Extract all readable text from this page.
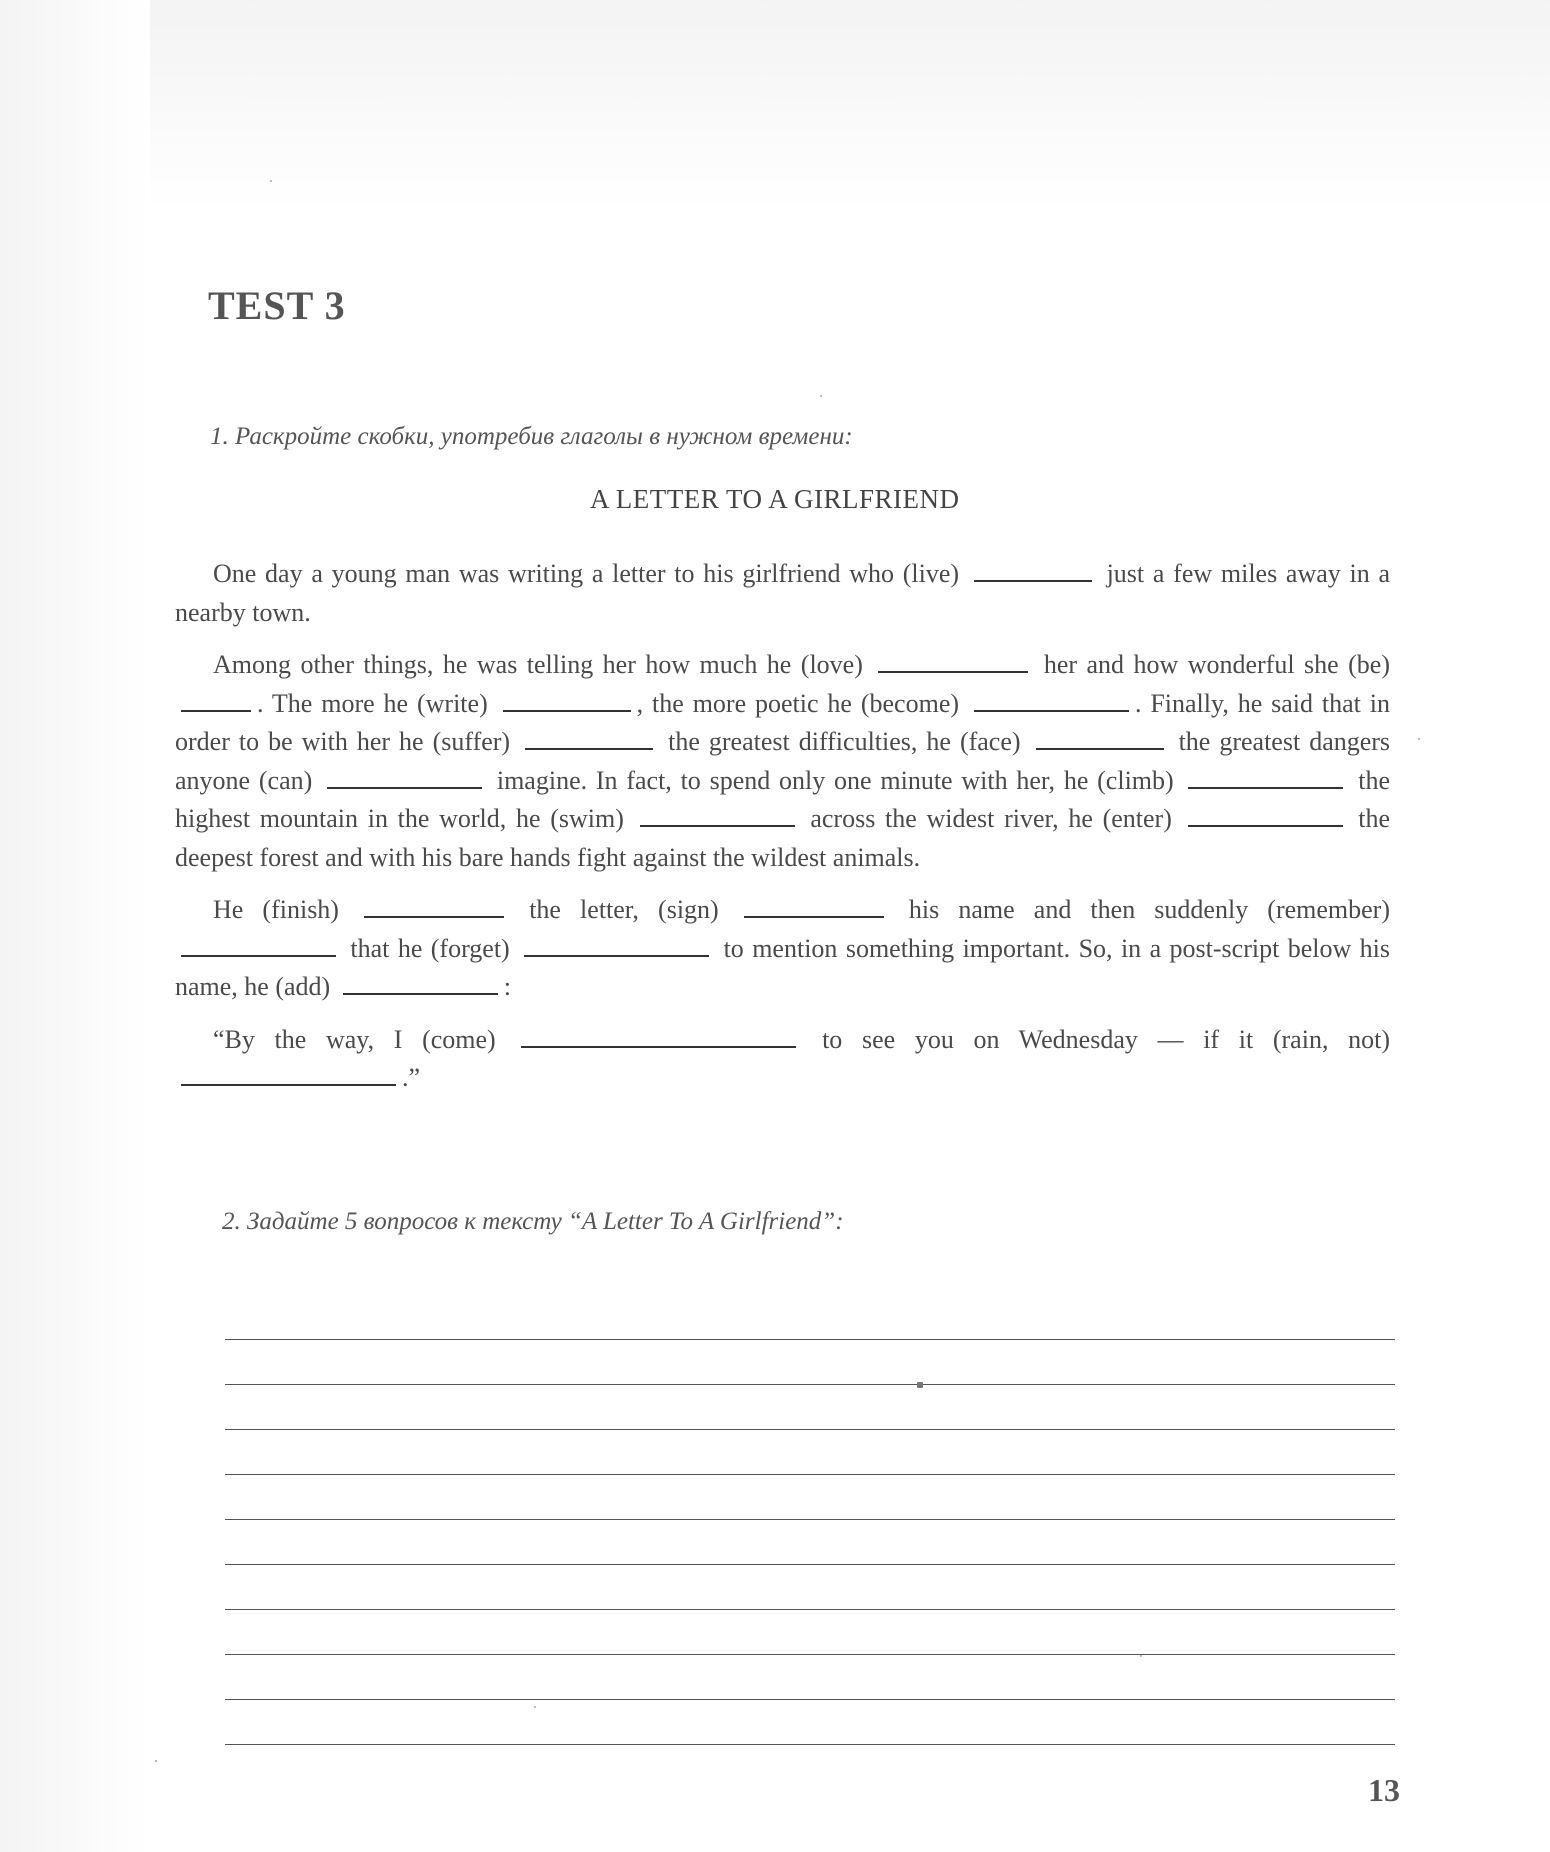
TEST 3
1. Раскройте скобки, употребив глаголы в нужном времени:
A LETTER TO A GIRLFRIEND

One day a young man was writing a letter to his girlfriend who (live)	just a few miles away in a nearby town.

Among other things, he was telling her how much he (love)	her and how wonderful she (be) . The more he (write)	, the more poetic he (become)	. Finally, he said that in order to be with her he (suffer)	the greatest difficulties, he (face)	the greatest dangers anyone (can)	imagine. In fact, to spend only one minute with her, he (climb)	the highest mountain in the world, he (swim)	across the widest river, he (enter)	the deepest forest and with his bare hands fight against the wildest animals.

He (finish)	the letter, (sign)	his name and then suddenly (remember)  that he (forget)	to mention something important. So, in a post-script below his name, he (add)	:

“By the way, I (come)	to see you on Wednesday — if it (rain, not) .”

2. Задайте 5 вопросов к тексту “A Letter To A Girlfriend”:
13
